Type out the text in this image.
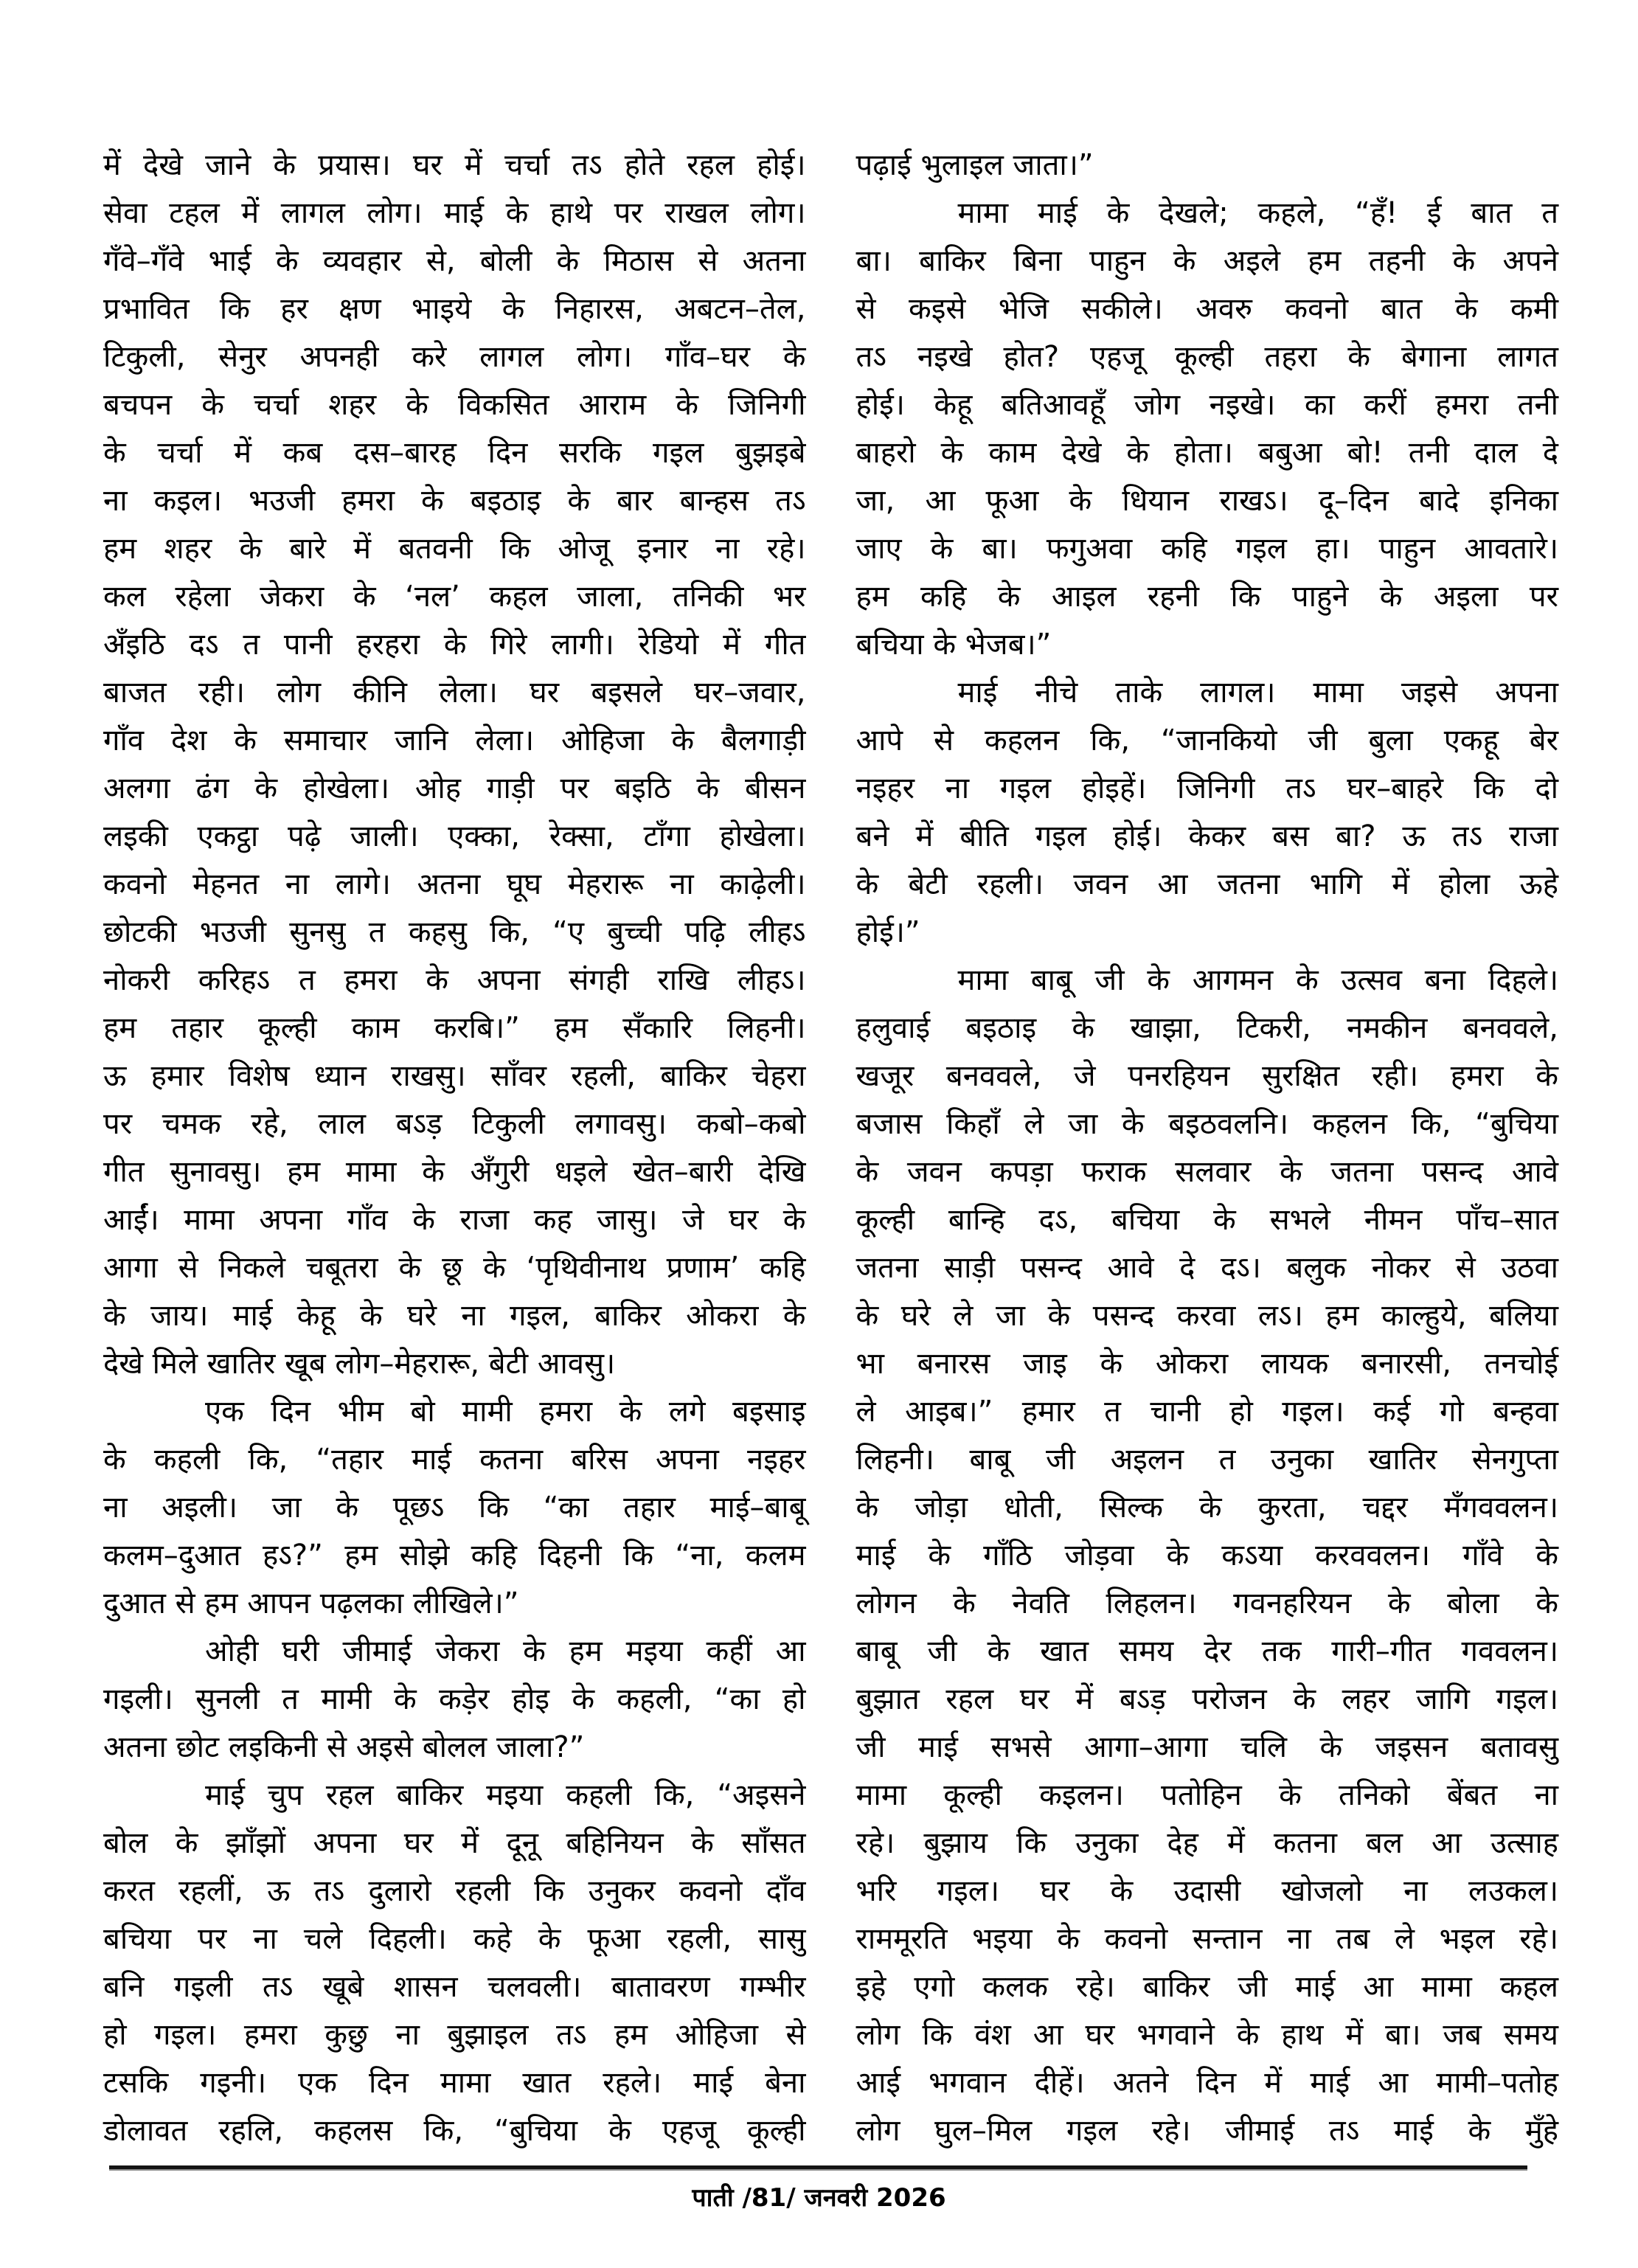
में देखे जाने के प्रयास। घर में चर्चा तऽ होते रहल होई।
सेवा टहल में लागल लोग। माई के हाथे पर राखल लोग।
गँवे–गँवे भाई के व्यवहार से, बोली के मिठास से अतना
प्रभावित कि हर क्षण भाइये के निहारस, अबटन–तेल,
टिकुली, सेनुर अपनही करे लागल लोग। गाँव–घर के
बचपन के चर्चा शहर के विकसित आराम के जिनिगी
के चर्चा में कब दस–बारह दिन सरकि गइल बुझइबे
ना कइल। भउजी हमरा के बइठाइ के बार बान्हस तऽ
हम शहर के बारे में बतवनी कि ओजू इनार ना रहे।
कल रहेला जेकरा के ‘नल’ कहल जाला, तनिकी भर
अँइठि दऽ त पानी हरहरा के गिरे लागी। रेडियो में गीत
बाजत रही। लोग कीनि लेला। घर बइसले घर–जवार,
गाँव देश के समाचार जानि लेला। ओहिजा के बैलगाड़ी
अलगा ढंग के होखेला। ओह गाड़ी पर बइठि के बीसन
लइकी एकट्ठा पढ़े जाली। एक्का, रेक्सा, टाँगा होखेला।
कवनो मेहनत ना लागे। अतना घूघ मेहरारू ना काढ़ेली।
छोटकी भउजी सुनसु त कहसु कि, “ए बुच्ची पढ़ि लीहऽ
नोकरी करिहऽ त हमरा के अपना संगही राखि लीहऽ।
हम तहार कूल्ही काम करबि।” हम सँकारि लिहनी।
ऊ हमार विशेष ध्यान राखसु। साँवर रहली, बाकिर चेहरा
पर चमक रहे, लाल बऽड़ टिकुली लगावसु। कबो–कबो
गीत सुनावसु। हम मामा के अँगुरी धइले खेत–बारी देखि
आईं। मामा अपना गाँव के राजा कह जासु। जे घर के
आगा से निकले चबूतरा के छू के ‘पृथिवीनाथ प्रणाम’ कहि
के जाय। माई केहू के घरे ना गइल, बाकिर ओकरा के
देखे मिले खातिर खूब लोग–मेहरारू, बेटी आवसु।
एक दिन भीम बो मामी हमरा के लगे बइसाइ
के कहली कि, “तहार माई कतना बरिस अपना नइहर
ना अइली। जा के पूछऽ कि “का तहार माई–बाबू
कलम–दुआत हऽ?” हम सोझे कहि दिहनी कि “ना, कलम
दुआत से हम आपन पढ़लका लीखिले।”
ओही घरी जीमाई जेकरा के हम मइया कहीं आ
गइली। सुनली त मामी के कड़ेर होइ के कहली, “का हो
अतना छोट लइकिनी से अइसे बोलल जाला?”
माई चुप रहल बाकिर मइया कहली कि, “अइसने
बोल के झाँझों अपना घर में दूनू बहिनियन के साँसत
करत रहलीं, ऊ तऽ दुलारो रहली कि उनुकर कवनो दाँव
बचिया पर ना चले दिहली। कहे के फूआ रहली, सासु
बनि गइली तऽ खूबे शासन चलवली। बातावरण गम्भीर
हो गइल। हमरा कुछु ना बुझाइल तऽ हम ओहिजा से
टसकि गइनी। एक दिन मामा खात रहले। माई बेना
डोलावत रहलि, कहलस कि, “बुचिया के एहजू कूल्ही
पढ़ाई भुलाइल जाता।”
मामा माई के देखले; कहले, “हँ! ई बात त
बा। बाकिर बिना पाहुन के अइले हम तहनी के अपने
से कइसे भेजि सकीले। अवरु कवनो बात के कमी
तऽ नइखे होत? एहजू कूल्ही तहरा के बेगाना लागत
होई। केहू बतिआवहूँ जोग नइखे। का करीं हमरा तनी
बाहरो के काम देखे के होता। बबुआ बो! तनी दाल दे
जा, आ फूआ के धियान राखऽ। दू–दिन बादे इनिका
जाए के बा। फगुअवा कहि गइल हा। पाहुन आवतारे।
हम कहि के आइल रहनी कि पाहुने के अइला पर
बचिया के भेजब।”
माई नीचे ताके लागल। मामा जइसे अपना
आपे से कहलन कि, “जानकियो जी बुला एकहू बेर
नइहर ना गइल होइहें। जिनिगी तऽ घर–बाहरे कि दो
बने में बीति गइल होई। केकर बस बा? ऊ तऽ राजा
के बेटी रहली। जवन आ जतना भागि में होला ऊहे
होई।”
मामा बाबू जी के आगमन के उत्सव बना दिहले।
हलुवाई बइठाइ के खाझा, टिकरी, नमकीन बनववले,
खजूर बनववले, जे पनरहियन सुरक्षित रही। हमरा के
बजास किहाँ ले जा के बइठवलनि। कहलन कि, “बुचिया
के जवन कपड़ा फराक सलवार के जतना पसन्द आवे
कूल्ही बान्हि दऽ, बचिया के सभले नीमन पाँच–सात
जतना साड़ी पसन्द आवे दे दऽ। बलुक नोकर से उठवा
के घरे ले जा के पसन्द करवा लऽ। हम काल्हुये, बलिया
भा बनारस जाइ के ओकरा लायक बनारसी, तनचोई
ले आइब।” हमार त चानी हो गइल। कई गो बन्हवा
लिहनी। बाबू जी अइलन त उनुका खातिर सेनगुप्ता
के जोड़ा धोती, सिल्क के कुरता, चद्दर मँगववलन।
माई के गाँठि जोड़वा के कऽया करववलन। गाँवे के
लोगन के नेवति लिहलन। गवनहरियन के बोला के
बाबू जी के खात समय देर तक गारी–गीत गववलन।
बुझात रहल घर में बऽड़ परोजन के लहर जागि गइल।
जी माई सभसे आगा–आगा चलि के जइसन बतावसु
मामा कूल्ही कइलन। पतोहिन के तनिको बेंबत ना
रहे। बुझाय कि उनुका देह में कतना बल आ उत्साह
भरि गइल। घर के उदासी खोजलो ना लउकल।
राममूरति भइया के कवनो सन्तान ना तब ले भइल रहे।
इहे एगो कलक रहे। बाकिर जी माई आ मामा कहल
लोग कि वंश आ घर भगवाने के हाथ में बा। जब समय
आई भगवान दीहें। अतने दिन में माई आ मामी–पतोह
लोग घुल–मिल गइल रहे। जीमाई तऽ माई के मुँहे
पाती /81/ जनवरी 2026
